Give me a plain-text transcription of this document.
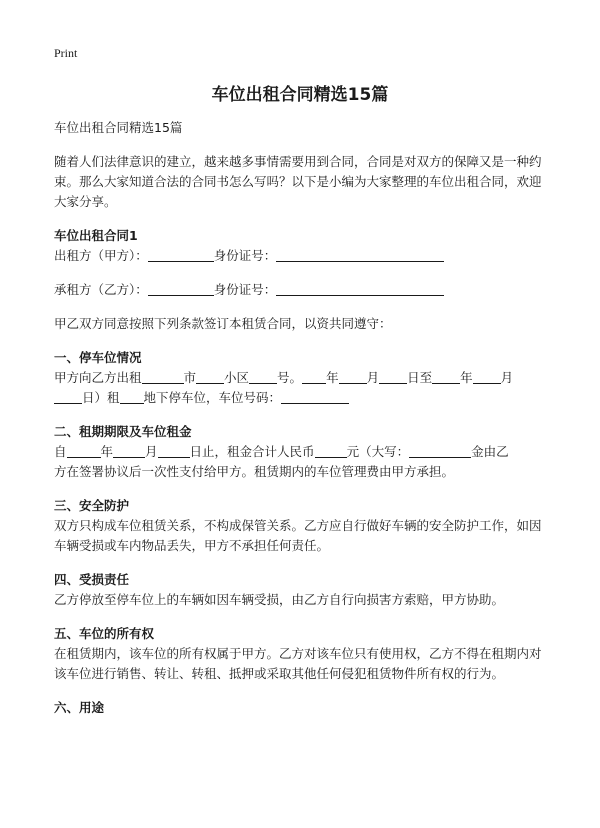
Print
车位出租合同精选15篇

车位出租合同精选15篇

随着人们法律意识的建立，越来越多事情需要用到合同，合同是对双方的保障又是一种约束。那么大家知道合法的合同书怎么写吗？以下是小编为大家整理的车位出租合同，欢迎大家分享。

车位出租合同1

出租方（甲方）：	身份证号：

承租方（乙方）：	身份证号：

甲乙双方同意按照下列条款签订本租赁合同，以资共同遵守：

一、停车位情况

甲方向乙方出租	市 小区 号。 年 月 日至 年 月
日）租 地下停车位，车位号码：

二、租期期限及车位租金

自	年	月	日止，租金合计人民币	元（大写：	金由乙
方在签署协议后一次性支付给甲方。租赁期内的车位管理费由甲方承担。

三、安全防护

双方只构成车位租赁关系，不构成保管关系。乙方应自行做好车辆的安全防护工作，如因车辆受损或车内物品丢失，甲方不承担任何责任。

四、受损责任

乙方停放至停车位上的车辆如因车辆受损，由乙方自行向损害方索赔，甲方协助。

五、车位的所有权

在租赁期内，该车位的所有权属于甲方。乙方对该车位只有使用权，乙方不得在租期内对该车位进行销售、转让、转租、抵押或采取其他任何侵犯租赁物件所有权的行为。

六、用途
